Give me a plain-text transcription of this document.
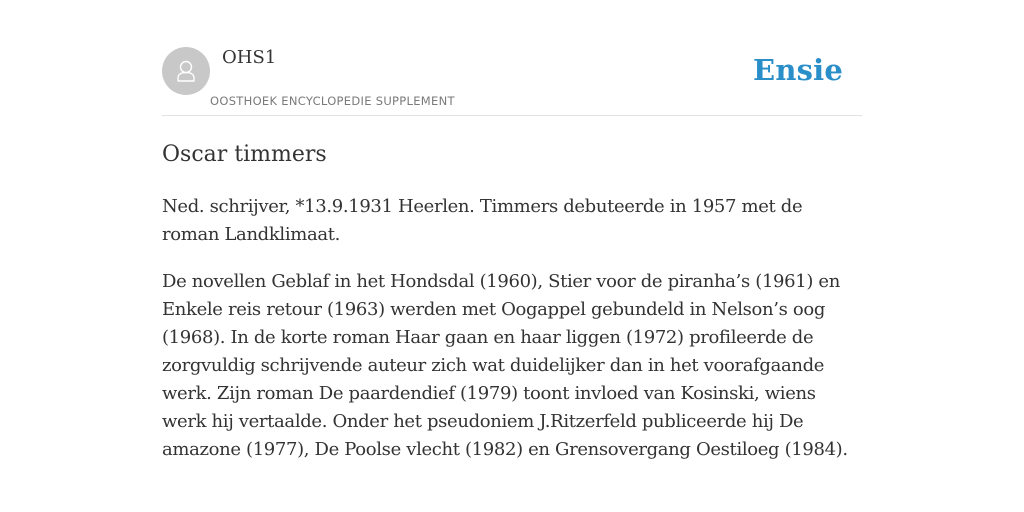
OHS1
OOSTHOEK ENCYCLOPEDIE SUPPLEMENT
Ensie
Oscar timmers

Ned. schrijver, *13.9.1931 Heerlen. Timmers debuteerde in 1957 met de roman Landklimaat.

De novellen Geblaf in het Hondsdal (1960), Stier voor de piranha’s (1961) en Enkele reis retour (1963) werden met Oogappel gebundeld in Nelson’s oog (1968). In de korte roman Haar gaan en haar liggen (1972) profileerde de zorgvuldig schrijvende auteur zich wat duidelijker dan in het voorafgaande werk. Zijn roman De paardendief (1979) toont invloed van Kosinski, wiens werk hij vertaalde. Onder het pseudoniem J.Ritzerfeld publiceerde hij De amazone (1977), De Poolse vlecht (1982) en Grensovergang Oestiloeg (1984).
